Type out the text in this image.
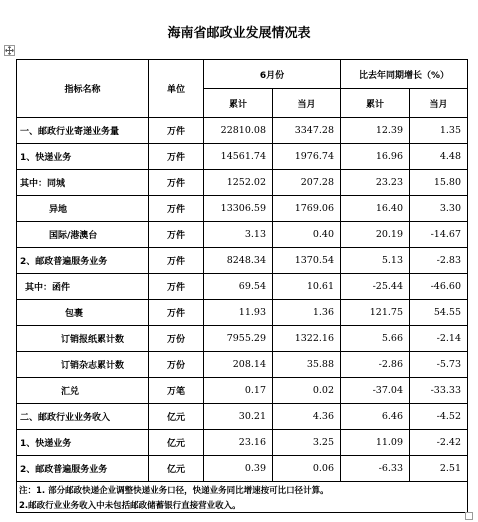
海南省邮政业发展情况表
指标名称	单位	6月份		比去年同期增长（%）	
		累计	当月	累计	当月
一、邮政行业寄递业务量	万件	22810.08	3347.28	12.39	1.35
1、快递业务	万件	14561.74	1976.74	16.96	4.48
其中：同城	万件	1252.02	207.28	23.23	15.80
异地	万件	13306.59	1769.06	16.40	3.30
国际/港澳台	万件	3.13	0.40	20.19	-14.67
2、邮政普遍服务业务	万件	8248.34	1370.54	5.13	-2.83
其中：函件	万件	69.54	10.61	-25.44	-46.60
包裹	万件	11.93	1.36	121.75	54.55
订销报纸累计数	万份	7955.29	1322.16	5.66	-2.14
订销杂志累计数	万份	208.14	35.88	-2.86	-5.73
汇兑	万笔	0.17	0.02	-37.04	-33.33
二、邮政行业业务收入	亿元	30.21	4.36	6.46	-4.52
1、快递业务	亿元	23.16	3.25	11.09	-2.42
2、邮政普遍服务业务	亿元	0.39	0.06	-6.33	2.51
注：1. 部分邮政快递企业调整快递业务口径，快递业务同比增速按可比口径计算。					
2.邮政行业业务收入中未包括邮政储蓄银行直接营业收入。					
